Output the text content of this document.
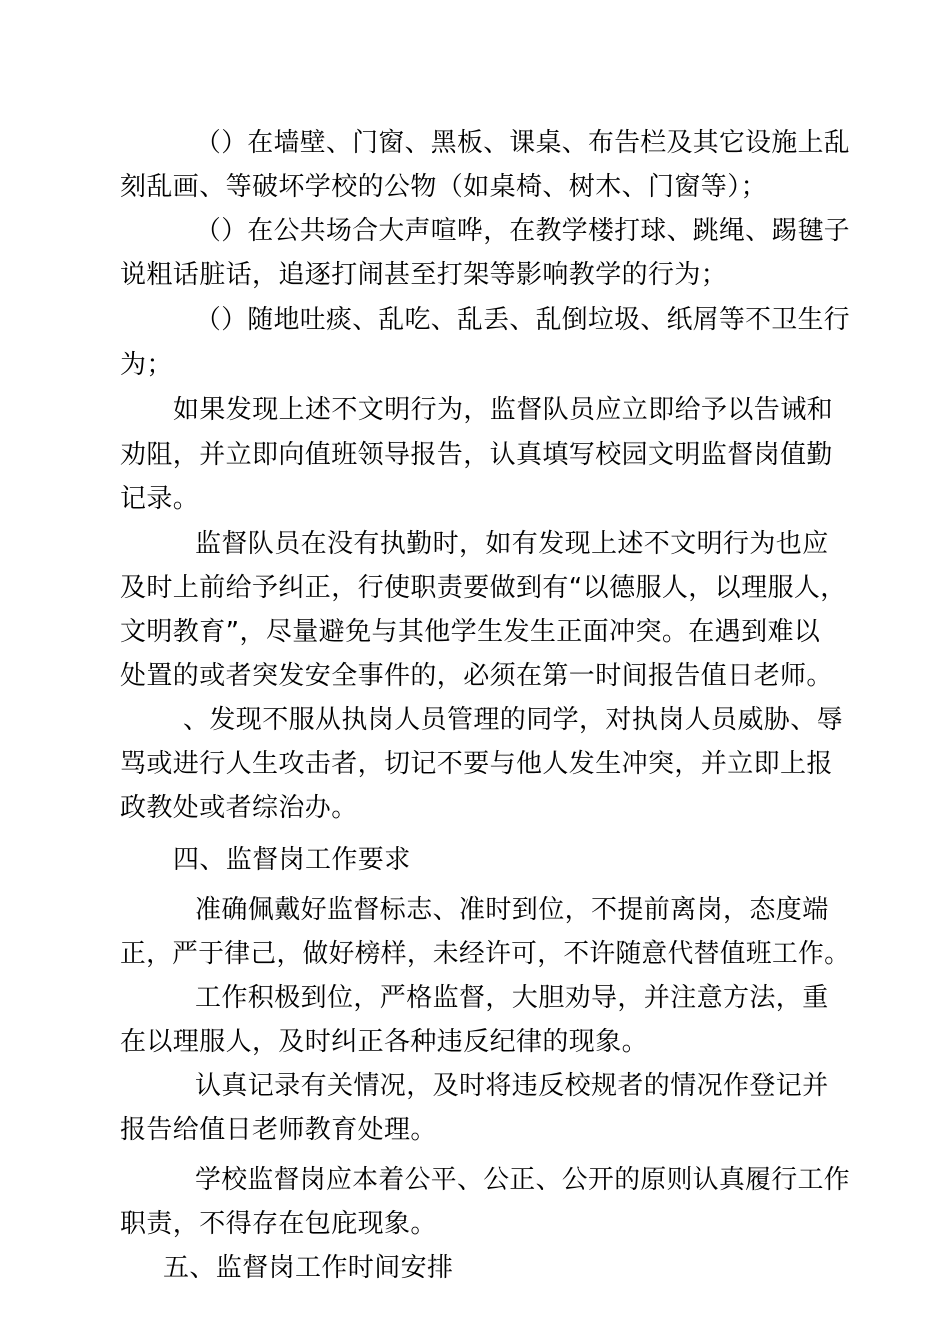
（）在墙壁、门窗、黑板、课桌、布告栏及其它设施上乱
刻乱画、等破坏学校的公物（如桌椅、树木、门窗等）；
（）在公共场合大声喧哗，在教学楼打球、跳绳、踢毽子
说粗话脏话，追逐打闹甚至打架等影响教学的行为；
（）随地吐痰、乱吃、乱丢、乱倒垃圾、纸屑等不卫生行
为；
如果发现上述不文明行为，监督队员应立即给予以告诫和
劝阻，并立即向值班领导报告，认真填写校园文明监督岗值勤
记录。
监督队员在没有执勤时，如有发现上述不文明行为也应
及时上前给予纠正，行使职责要做到有“以德服人，以理服人，
文明教育”，尽量避免与其他学生发生正面冲突。在遇到难以
处置的或者突发安全事件的，必须在第一时间报告值日老师。
、发现不服从执岗人员管理的同学，对执岗人员威胁、辱
骂或进行人生攻击者，切记不要与他人发生冲突，并立即上报
政教处或者综治办。
四、监督岗工作要求
准确佩戴好监督标志、准时到位，不提前离岗，态度端
正，严于律己，做好榜样，未经许可，不许随意代替值班工作。
工作积极到位，严格监督，大胆劝导，并注意方法，重
在以理服人，及时纠正各种违反纪律的现象。
认真记录有关情况，及时将违反校规者的情况作登记并
报告给值日老师教育处理。
学校监督岗应本着公平、公正、公开的原则认真履行工作
职责，不得存在包庇现象。
五、监督岗工作时间安排
